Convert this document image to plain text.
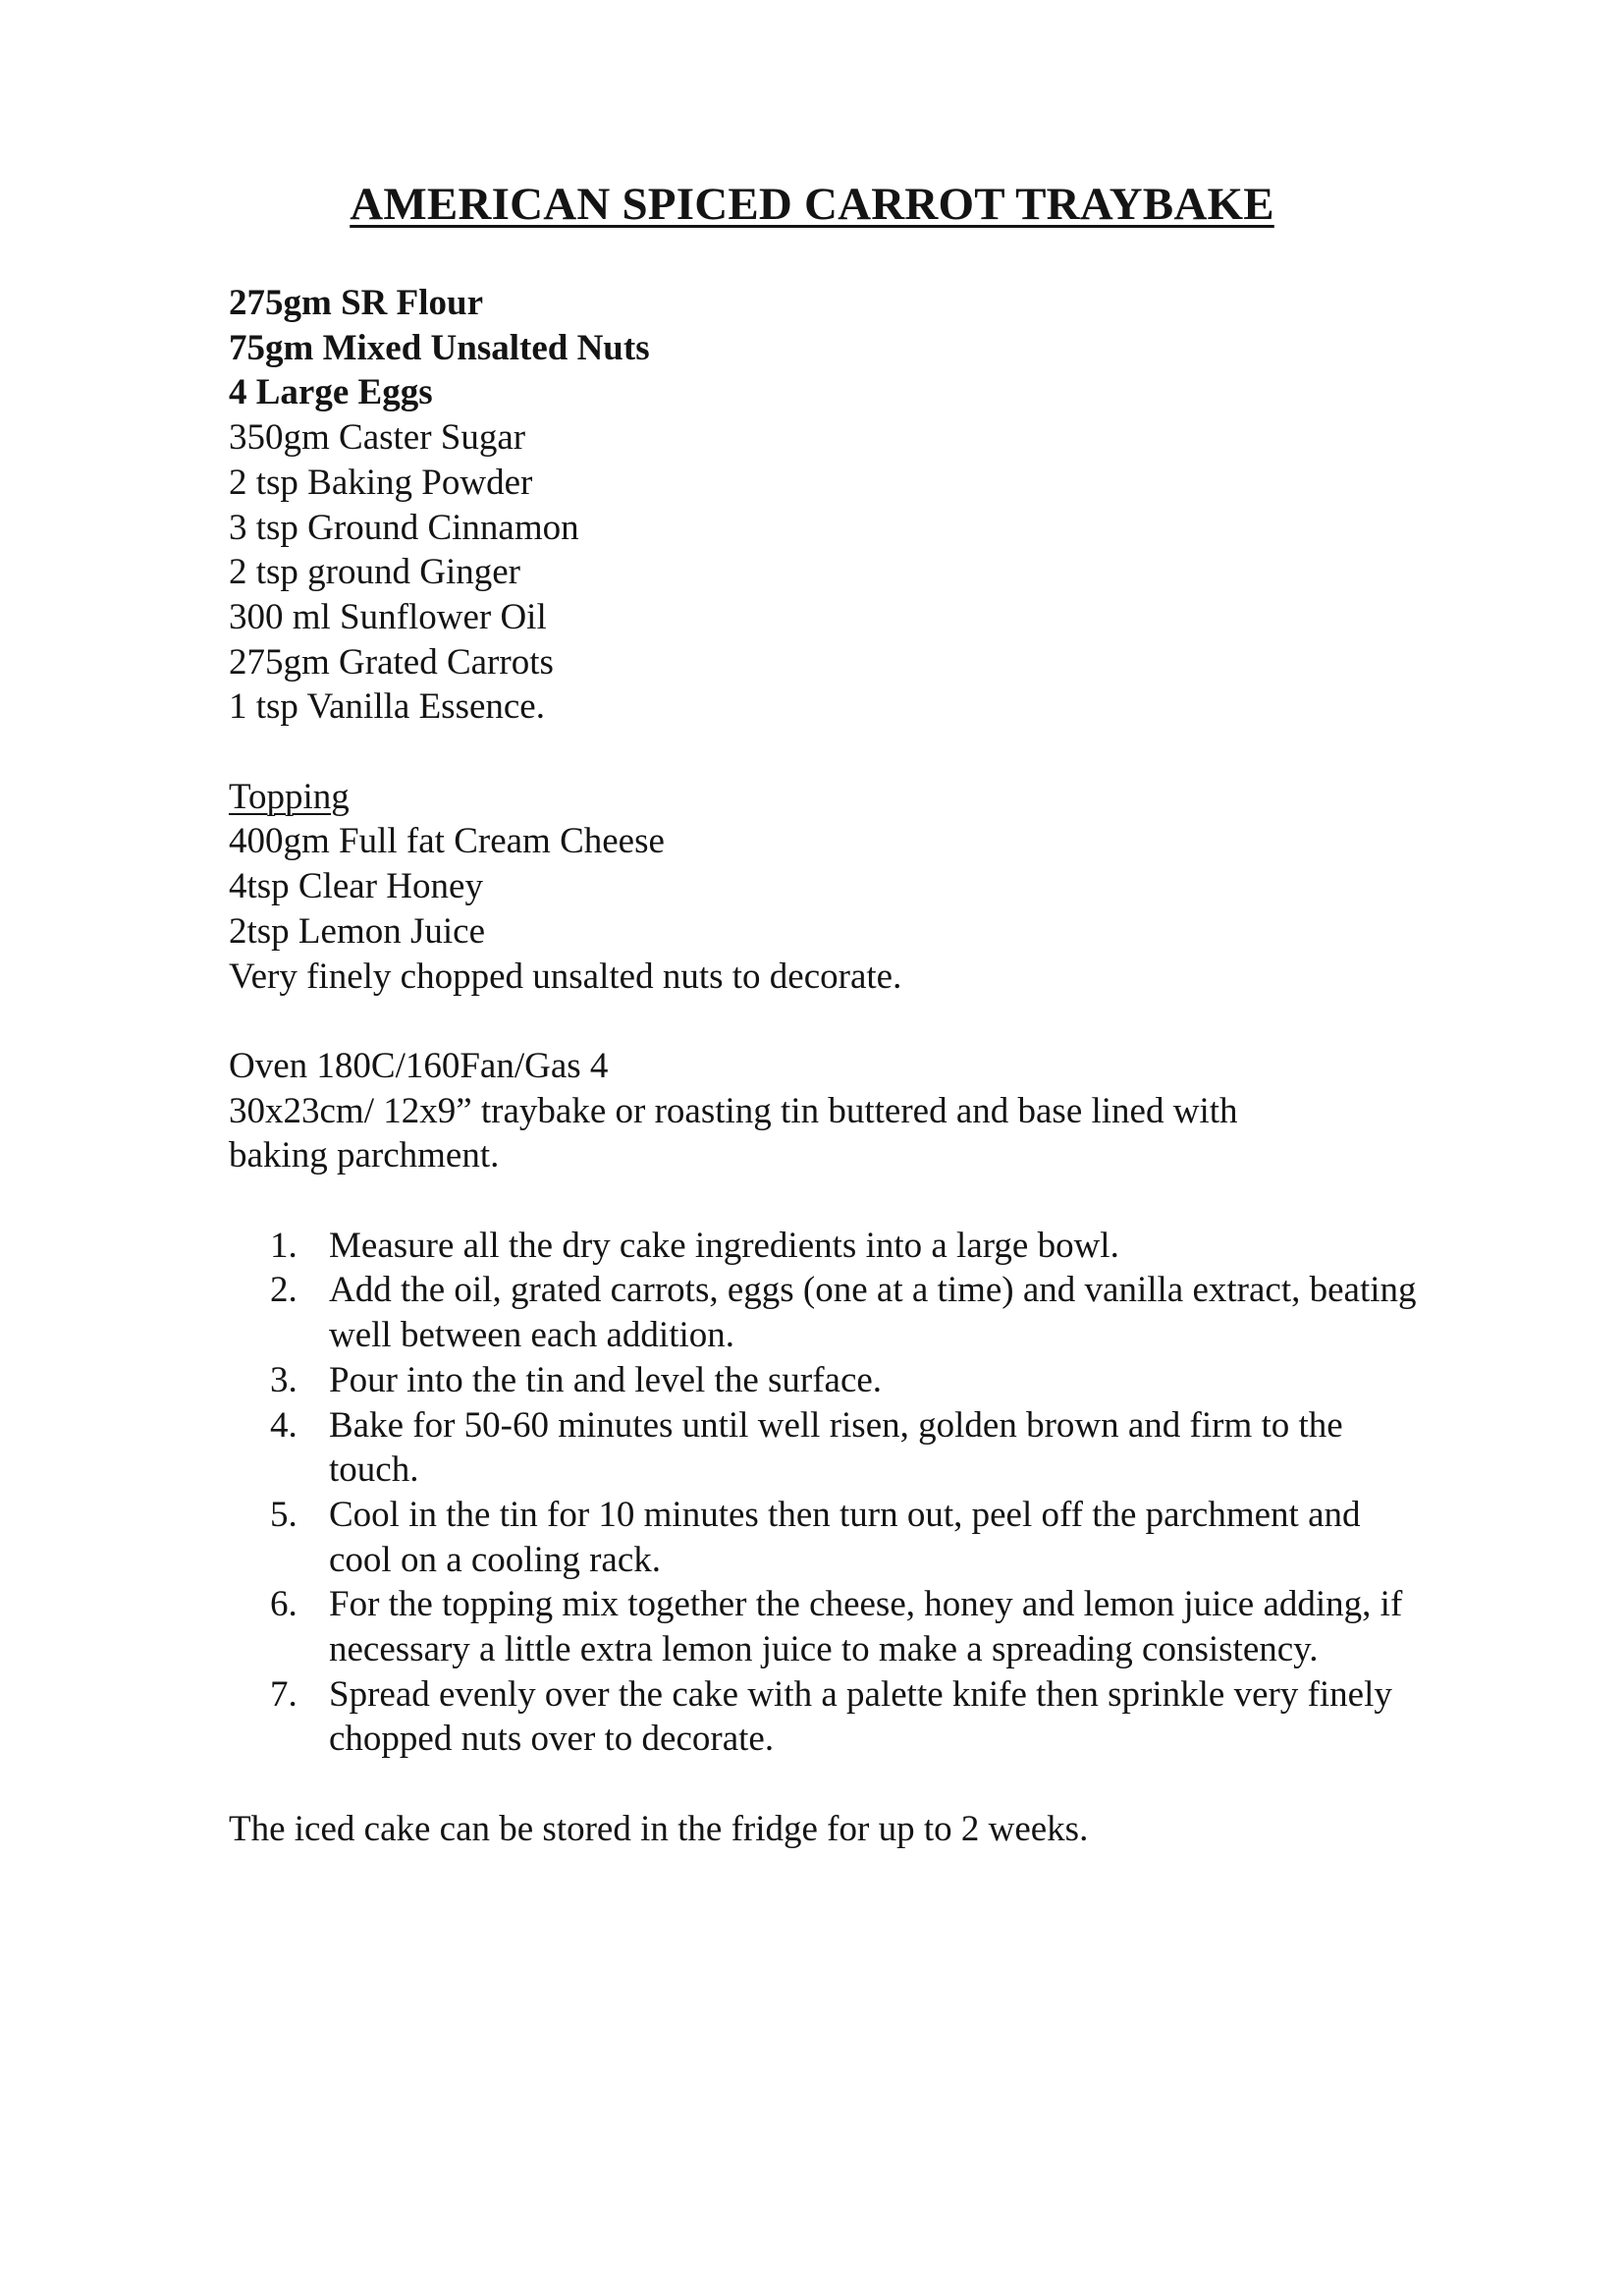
AMERICAN SPICED CARROT TRAYBAKE

275gm SR Flour

75gm Mixed Unsalted Nuts

4 Large Eggs

350gm Caster Sugar

2 tsp Baking Powder

3 tsp Ground Cinnamon

2 tsp ground Ginger

300 ml Sunflower Oil

275gm Grated Carrots

1 tsp Vanilla Essence.

Topping

400gm Full fat Cream Cheese

4tsp Clear Honey

2tsp Lemon Juice

Very finely chopped unsalted nuts to decorate.

Oven 180C/160Fan/Gas 4

30x23cm/ 12x9” traybake or roasting tin buttered and base lined with

baking parchment.

1. Measure all the dry cake ingredients into a large bowl.
2. Add the oil, grated carrots, eggs (one at a time) and vanilla extract, beating well between each addition.
3. Pour into the tin and level the surface.
4. Bake for 50-60 minutes until well risen, golden brown and firm to the touch.
5. Cool in the tin for 10 minutes then turn out, peel off the parchment and cool on a cooling rack.
6. For the topping mix together the cheese, honey and lemon juice adding, if necessary a little extra lemon juice to make a spreading consistency.
7. Spread evenly over the cake with a palette knife then sprinkle very finely chopped nuts over to decorate.

The iced cake can be stored in the fridge for up to 2 weeks.
